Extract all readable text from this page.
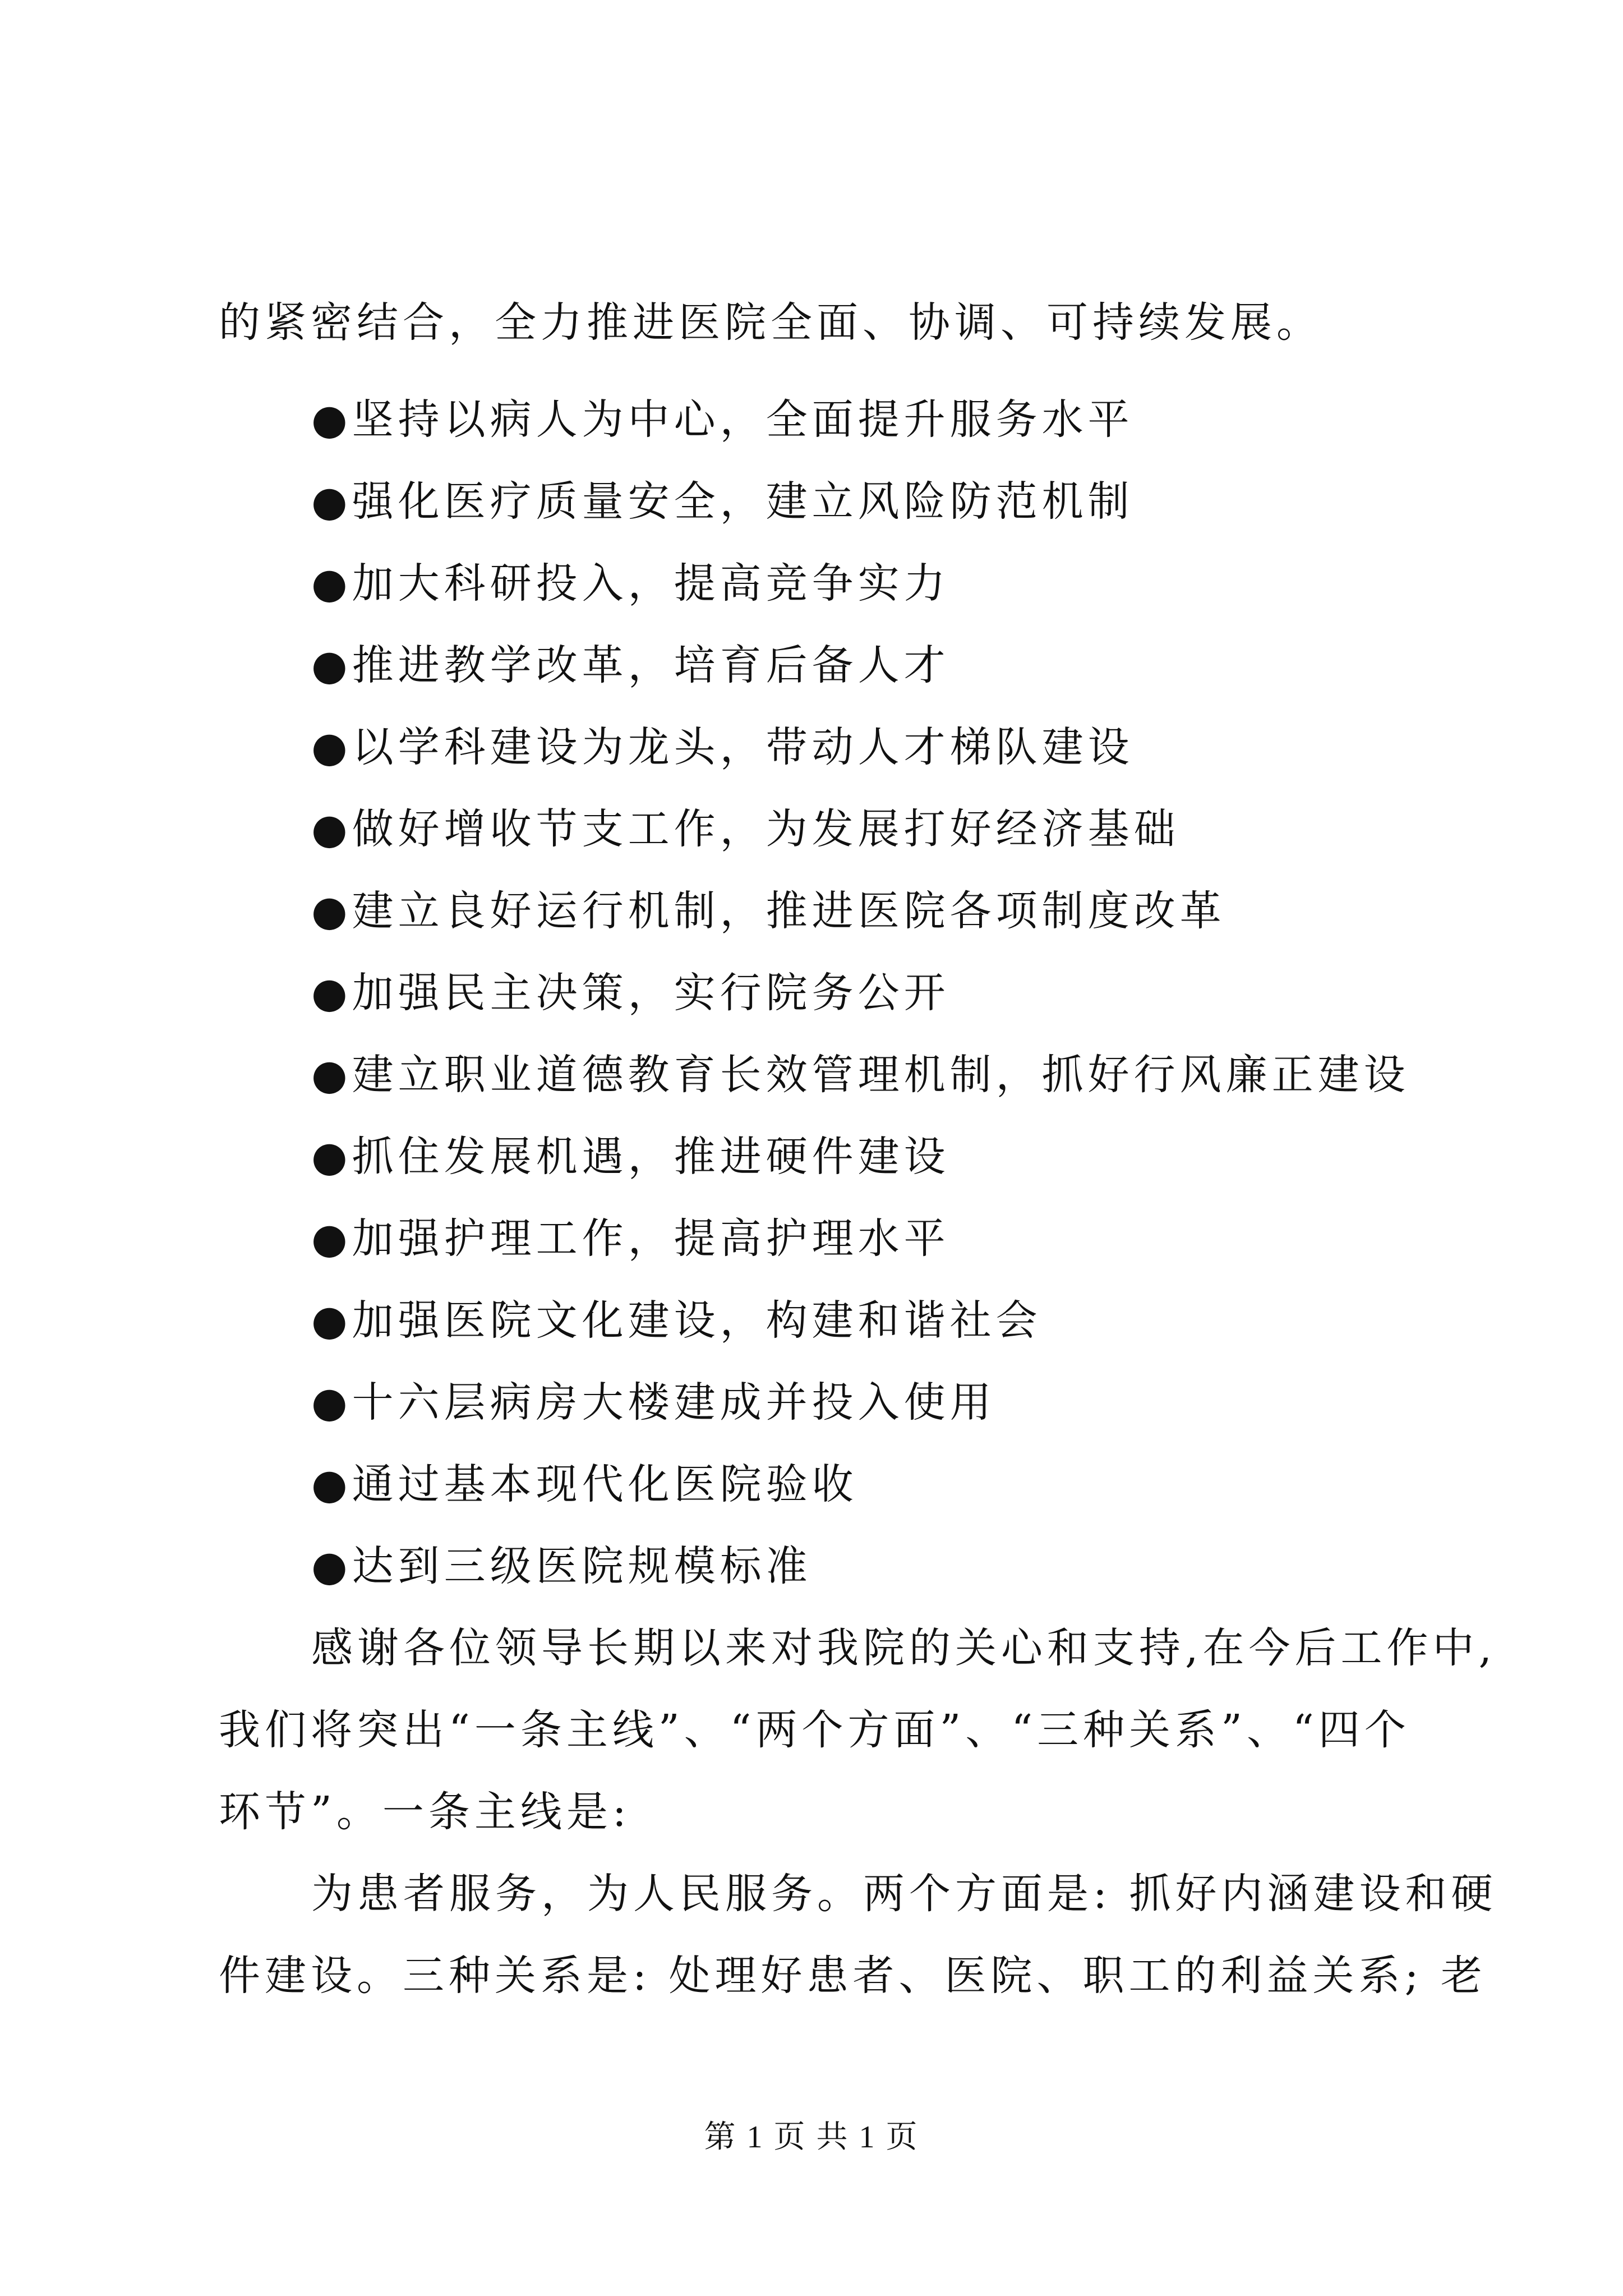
的紧密结合，全力推进医院全面、协调、可持续发展。
●坚持以病人为中心，全面提升服务水平
●强化医疗质量安全，建立风险防范机制
●加大科研投入，提高竞争实力
●推进教学改革，培育后备人才
●以学科建设为龙头，带动人才梯队建设
●做好增收节支工作，为发展打好经济基础
●建立良好运行机制，推进医院各项制度改革
●加强民主决策，实行院务公开
●建立职业道德教育长效管理机制，抓好行风廉正建设
●抓住发展机遇，推进硬件建设
●加强护理工作，提高护理水平
●加强医院文化建设，构建和谐社会
●十六层病房大楼建成并投入使用
●通过基本现代化医院验收
●达到三级医院规模标准
感谢各位领导长期以来对我院的关心和支持,在今后工作中,
我们将突出“一条主线”、“两个方面”、“三种关系”、“四个
环节”。一条主线是:
为患者服务，为人民服务。两个方面是: 抓好内涵建设和硬
件建设。三种关系是: 处理好患者、医院、职工的利益关系; 老
第 1 页 共 1 页
